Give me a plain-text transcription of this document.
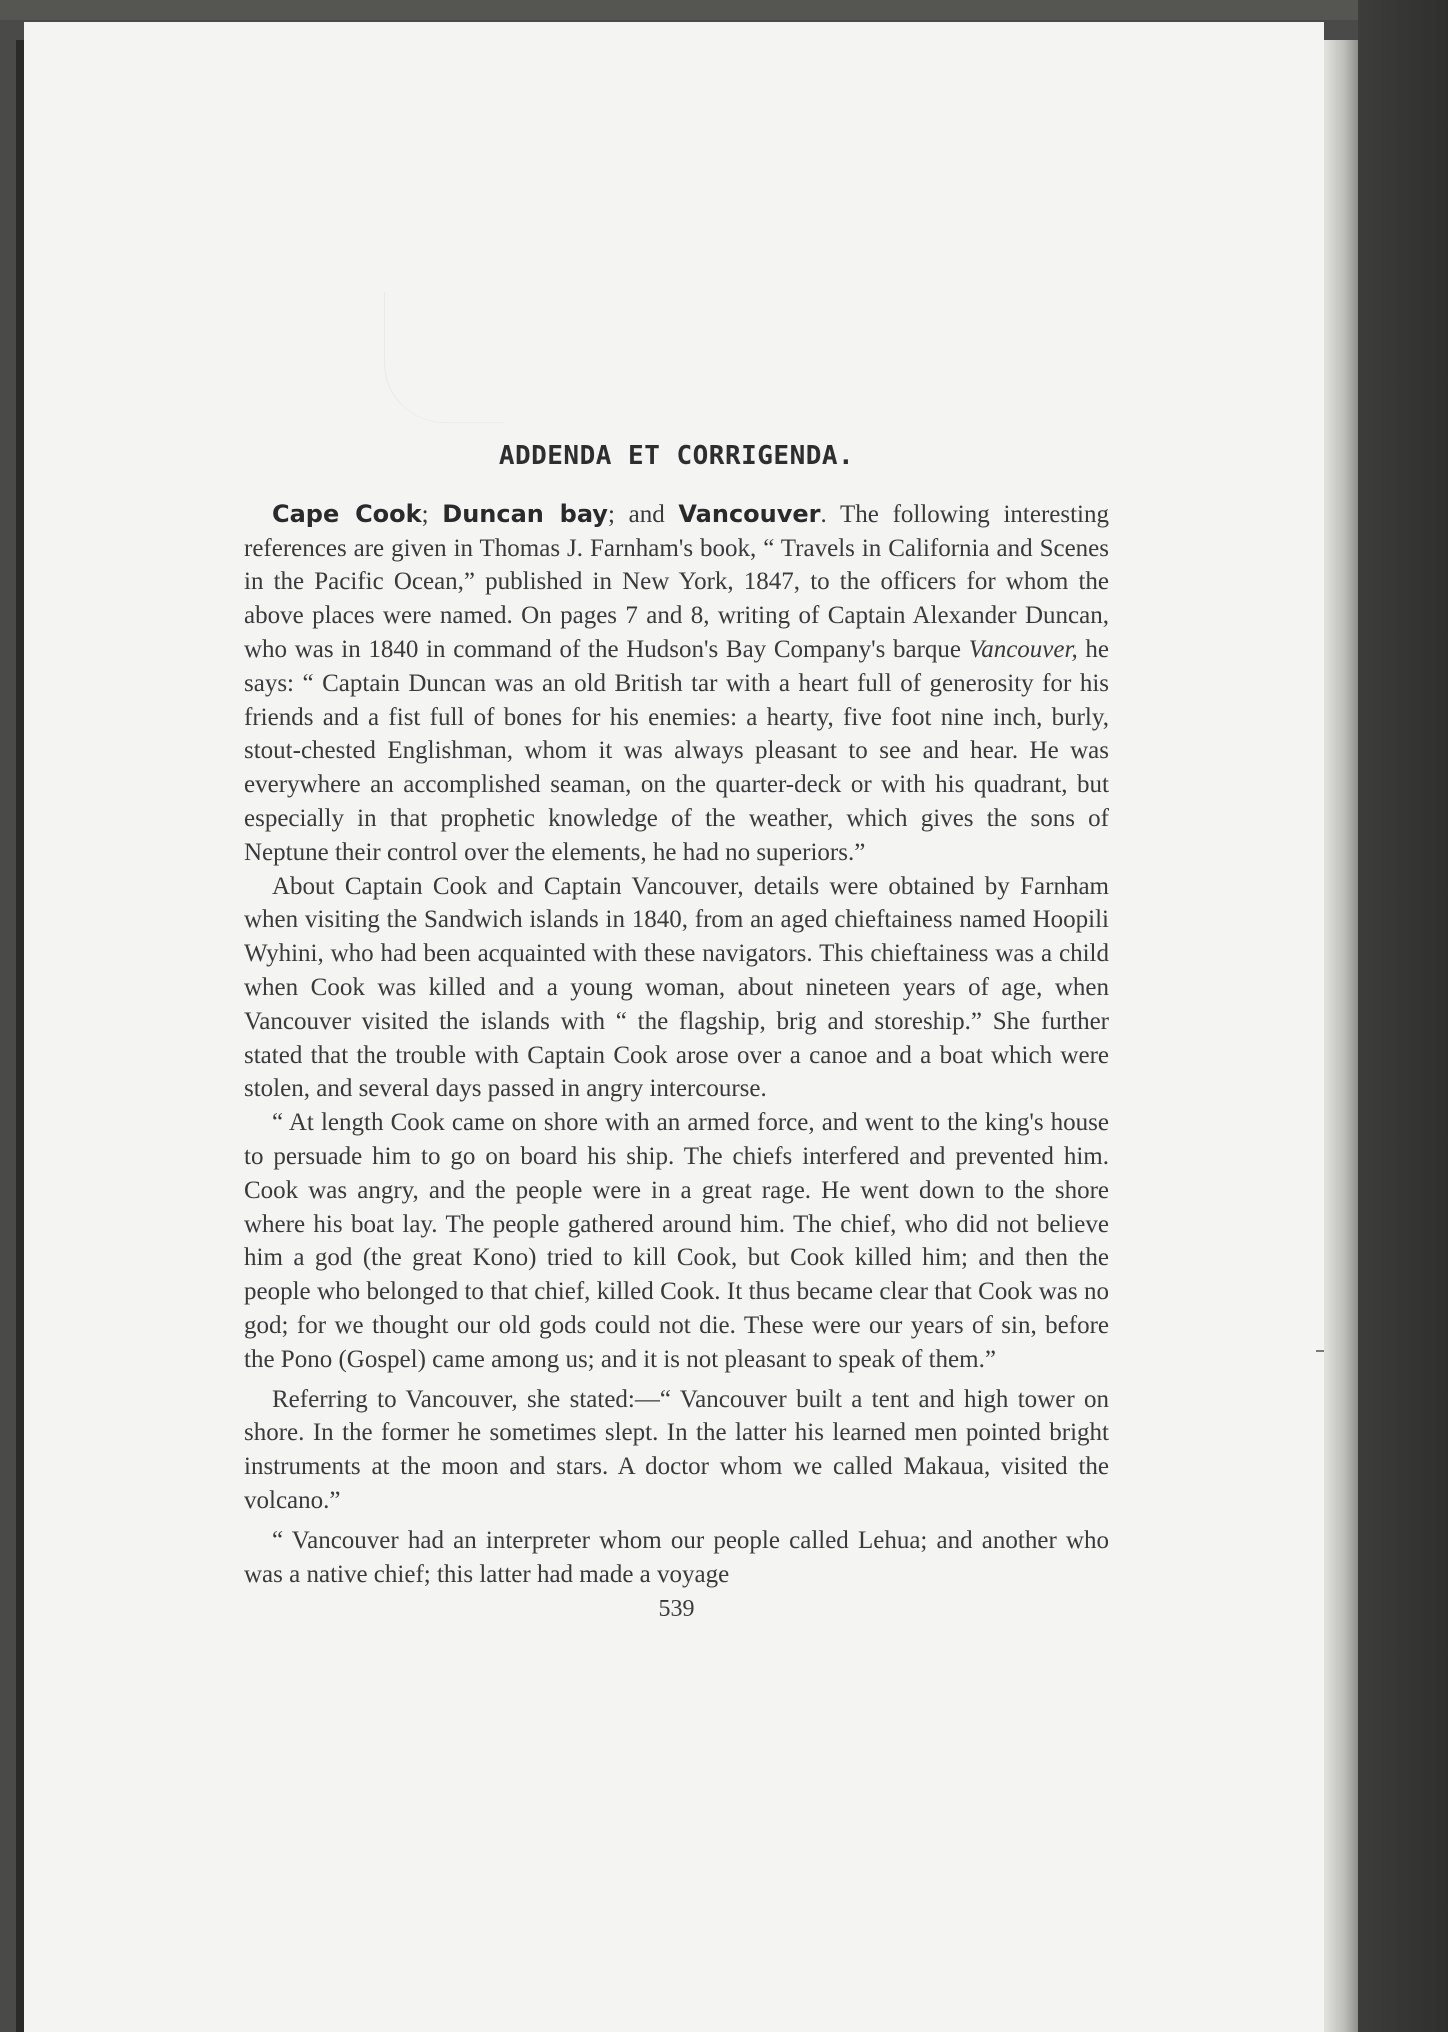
ADDENDA ET CORRIGENDA.

Cape Cook; Duncan bay; and Vancouver. The following interesting references are given in Thomas J. Farnham's book, “ Travels in California and Scenes in the Pacific Ocean,” published in New York, 1847, to the officers for whom the above places were named. On pages 7 and 8, writing of Captain Alexander Duncan, who was in 1840 in command of the Hudson's Bay Company's barque Vancouver, he says: “ Captain Duncan was an old British tar with a heart full of generosity for his friends and a fist full of bones for his enemies: a hearty, five foot nine inch, burly, stout-chested Englishman, whom it was always pleasant to see and hear. He was everywhere an accomplished seaman, on the quarter-deck or with his quadrant, but especially in that prophetic knowledge of the weather, which gives the sons of Neptune their control over the elements, he had no superiors.”

About Captain Cook and Captain Vancouver, details were obtained by Farnham when visiting the Sandwich islands in 1840, from an aged chieftainess named Hoopili Wyhini, who had been acquainted with these navigators. This chieftainess was a child when Cook was killed and a young woman, about nineteen years of age, when Vancouver visited the islands with “ the flagship, brig and storeship.” She further stated that the trouble with Captain Cook arose over a canoe and a boat which were stolen, and several days passed in angry intercourse.

“ At length Cook came on shore with an armed force, and went to the king's house to persuade him to go on board his ship. The chiefs interfered and prevented him. Cook was angry, and the people were in a great rage. He went down to the shore where his boat lay. The people gathered around him. The chief, who did not believe him a god (the great Kono) tried to kill Cook, but Cook killed him; and then the people who belonged to that chief, killed Cook. It thus became clear that Cook was no god; for we thought our old gods could not die. These were our years of sin, before the Pono (Gospel) came among us; and it is not pleasant to speak of them.”

Referring to Vancouver, she stated:—“ Vancouver built a tent and high tower on shore. In the former he sometimes slept. In the latter his learned men pointed bright instruments at the moon and stars. A doctor whom we called Makaua, visited the volcano.”

“ Vancouver had an interpreter whom our people called Lehua; and another who was a native chief; this latter had made a voyage

539
